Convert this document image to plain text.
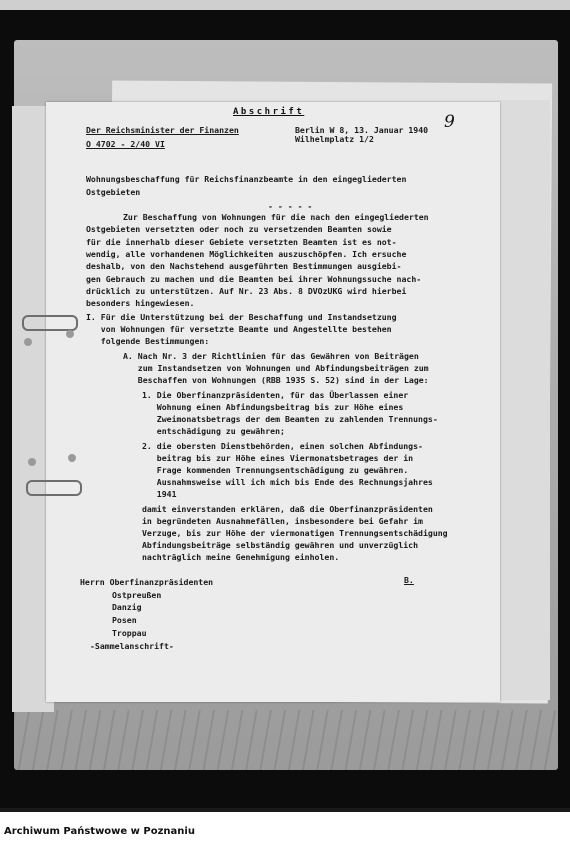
Abschrift	9
Der Reichsminister der Finanzen
O 4702 - 2/40 VI
Berlin W 8, 13. Januar 1940
Wilhelmplatz 1/2
Wohnungsbeschaffung für Reichsfinanzbeamte in den eingegliederten
Ostgebieten
- - - - -
Zur Beschaffung von Wohnungen für die nach den eingegliederten
Ostgebieten versetzten oder noch zu versetzenden Beamten sowie
für die innerhalb dieser Gebiete versetzten Beamten ist es not-
wendig, alle vorhandenen Möglichkeiten auszuschöpfen. Ich ersuche
deshalb, von den Nachstehend ausgeführten Bestimmungen ausgiebi-
gen Gebrauch zu machen und die Beamten bei ihrer Wohnungssuche nach-
drücklich zu unterstützen. Auf Nr. 23 Abs. 8 DVOzUKG wird hierbei
besonders hingewiesen.
I. Für die Unterstützung bei der Beschaffung und Instandsetzung
von Wohnungen für versetzte Beamte und Angestellte bestehen
folgende Bestimmungen:
A. Nach Nr. 3 der Richtlinien für das Gewähren von Beiträgen
zum Instandsetzen von Wohnungen und Abfindungsbeiträgen zum
Beschaffen von Wohnungen (RBB 1935 S. 52) sind in der Lage:
1. Die Oberfinanzpräsidenten, für das Überlassen einer
Wohnung einen Abfindungsbeitrag bis zur Höhe eines
Zweimonatsbetrags der dem Beamten zu zahlenden Trennungs-
entschädigung zu gewähren;
2. die obersten Dienstbehörden, einen solchen Abfindungs-
beitrag bis zur Höhe eines Viermonatsbetrages der in
Frage kommenden Trennungsentschädigung zu gewähren.
Ausnahmsweise will ich mich bis Ende des Rechnungsjahres
1941
damit einverstanden erklären, daß die Oberfinanzpräsidenten
in begründeten Ausnahmefällen, insbesondere bei Gefahr im
Verzuge, bis zur Höhe der viermonatigen Trennungsentschädigung
Abfindungsbeiträge selbständig gewähren und unverzüglich
nachträglich meine Genehmigung einholen.
B.
Herrn Oberfinanzpräsidenten
Ostpreußen
Danzig
Posen
Troppau
-Sammelanschrift-
Archiwum Państwowe w Poznaniu
